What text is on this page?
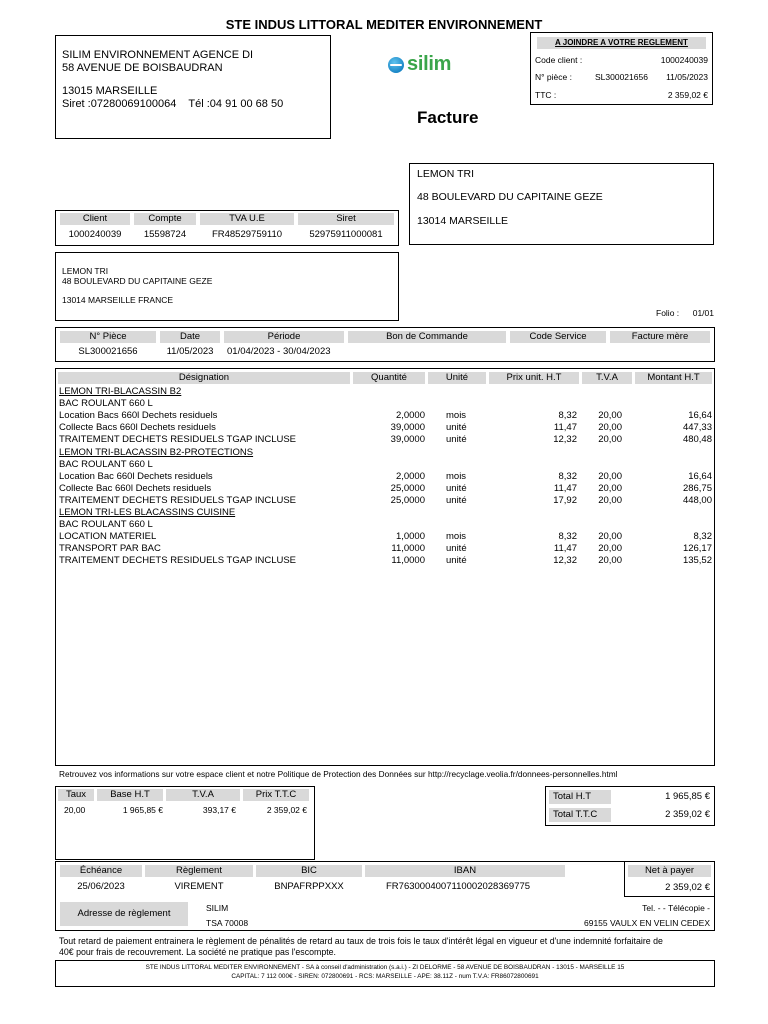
STE INDUS LITTORAL MEDITER ENVIRONNEMENT
SILIM ENVIRONNEMENT AGENCE DI
58 AVENUE DE BOISBAUDRAN
13015 MARSEILLE
Siret :07280069100064    Tél :04 91 00 68 50
silim
Facture
A JOINDRE A VOTRE REGLEMENT
Code client :	1000240039
N° pièce :	SL300021656 11/05/2023
TTC :	2 359,02 €
LEMON TRI
48 BOULEVARD DU CAPITAINE GEZE
13014 MARSEILLE
Client	Compte	TVA U.E	Siret
1000240039	15598724	FR48529759110	52975911000081
LEMON TRI
48 BOULEVARD DU CAPITAINE GEZE
13014 MARSEILLE FRANCE
Folio : 01/01
N° Pièce	Date	Période	Bon de Commande	Code Service	Facture mère
SL300021656	11/05/2023	01/04/2023 - 30/04/2023
Désignation	Quantité	Unité	Prix unit. H.T	T.V.A	Montant H.T
LEMON TRI-BLACASSIN B2
BAC ROULANT 660 L
Location Bacs 660l Dechets residuels	2,0000 mois	8,32	20,00	16,64
Collecte Bacs 660l Dechets residuels	39,0000 unité	11,47	20,00	447,33
TRAITEMENT DECHETS RESIDUELS TGAP INCLUSE	39,0000 unité	12,32	20,00	480,48
LEMON TRI-BLACASSIN B2-PROTECTIONS
BAC ROULANT 660 L
Location Bac 660l Dechets residuels	2,0000 mois	8,32	20,00	16,64
Collecte Bac 660l Dechets residuels	25,0000 unité	11,47	20,00	286,75
TRAITEMENT DECHETS RESIDUELS TGAP INCLUSE	25,0000 unité	17,92	20,00	448,00
LEMON TRI-LES BLACASSINS CUISINE
BAC ROULANT 660 L
LOCATION MATERIEL	1,0000 mois	8,32	20,00	8,32
TRANSPORT PAR BAC	11,0000 unité	11,47	20,00	126,17
TRAITEMENT DECHETS RESIDUELS TGAP INCLUSE	11,0000 unité	12,32	20,00	135,52
Retrouvez vos informations sur votre espace client et notre Politique de Protection des Données sur http://recyclage.veolia.fr/donnees-personnelles.html
Taux	Base H.T	T.V.A	Prix T.T.C
20,00	1 965,85 €	393,17 €	2 359,02 €
Total H.T	1 965,85 €
Total T.T.C	2 359,02 €
Échéance	Règlement	BIC	IBAN
25/06/2023	VIREMENT	BNPAFRPPXXX	FR7630004007110002028369775
Adresse de règlement	SILIM
TSA 70008
Tel. - - Télécopie -
69155 VAULX EN VELIN CEDEX
Net à payer
2 359,02 €
Tout retard de paiement entrainera le règlement de pénalités de retard au taux de trois fois le taux d'intérêt légal en vigueur et d'une indemnité forfaitaire de 40€ pour frais de recouvrement. La société ne pratique pas l'escompte.
STE INDUS LITTORAL MEDITER ENVIRONNEMENT - SA à conseil d'administration (s.a.i.) - ZI DELORME - 58 AVENUE DE BOISBAUDRAN - 13015 - MARSEILLE 15
CAPITAL: 7 112 000€ - SIREN: 072800691 - RCS: MARSEILLE - APE: 38.11Z - num T.V.A: FR86072800691
